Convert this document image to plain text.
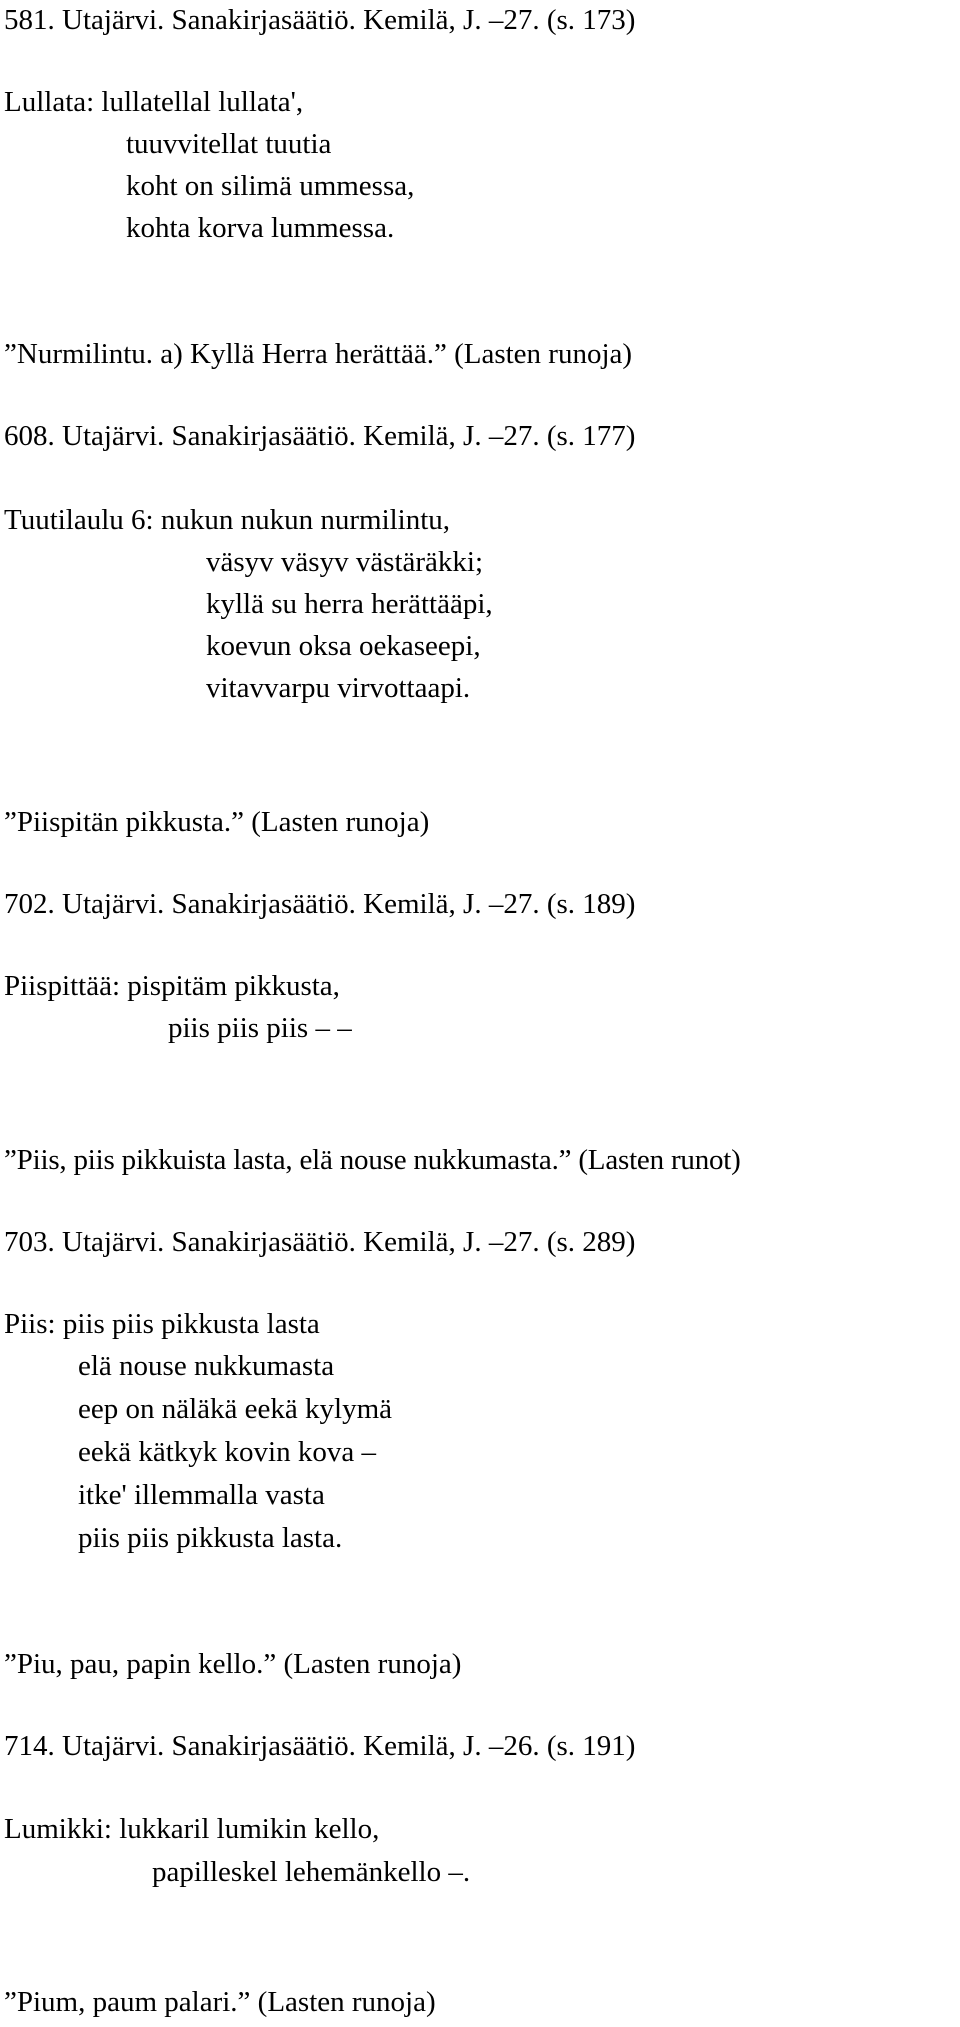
581. Utajärvi. Sanakirjasäätiö. Kemilä, J. –27. (s. 173)
Lullata: lullatellal lullata',
tuuvvitellat tuutia
koht on silimä ummessa,
kohta korva lummessa.
”Nurmilintu. a) Kyllä Herra herättää.” (Lasten runoja)
608. Utajärvi. Sanakirjasäätiö. Kemilä, J. –27. (s. 177)
Tuutilaulu 6: nukun nukun nurmilintu,
väsyv väsyv västäräkki;
kyllä su herra herättääpi,
koevun oksa oekaseepi,
vitavvarpu virvottaapi.
”Piispitän pikkusta.” (Lasten runoja)
702. Utajärvi. Sanakirjasäätiö. Kemilä, J. –27. (s. 189)
Piispittää: pispitäm pikkusta,
piis piis piis – –
”Piis, piis pikkuista lasta, elä nouse nukkumasta.” (Lasten runot)
703. Utajärvi. Sanakirjasäätiö. Kemilä, J. –27. (s. 289)
Piis: piis piis pikkusta lasta
elä nouse nukkumasta
eep on näläkä eekä kylymä
eekä kätkyk kovin kova –
itke' illemmalla vasta
piis piis pikkusta lasta.
”Piu, pau, papin kello.” (Lasten runoja)
714. Utajärvi. Sanakirjasäätiö. Kemilä, J. –26. (s. 191)
Lumikki: lukkaril lumikin kello,
papilleskel lehemänkello –.
”Pium, paum palari.” (Lasten runoja)
